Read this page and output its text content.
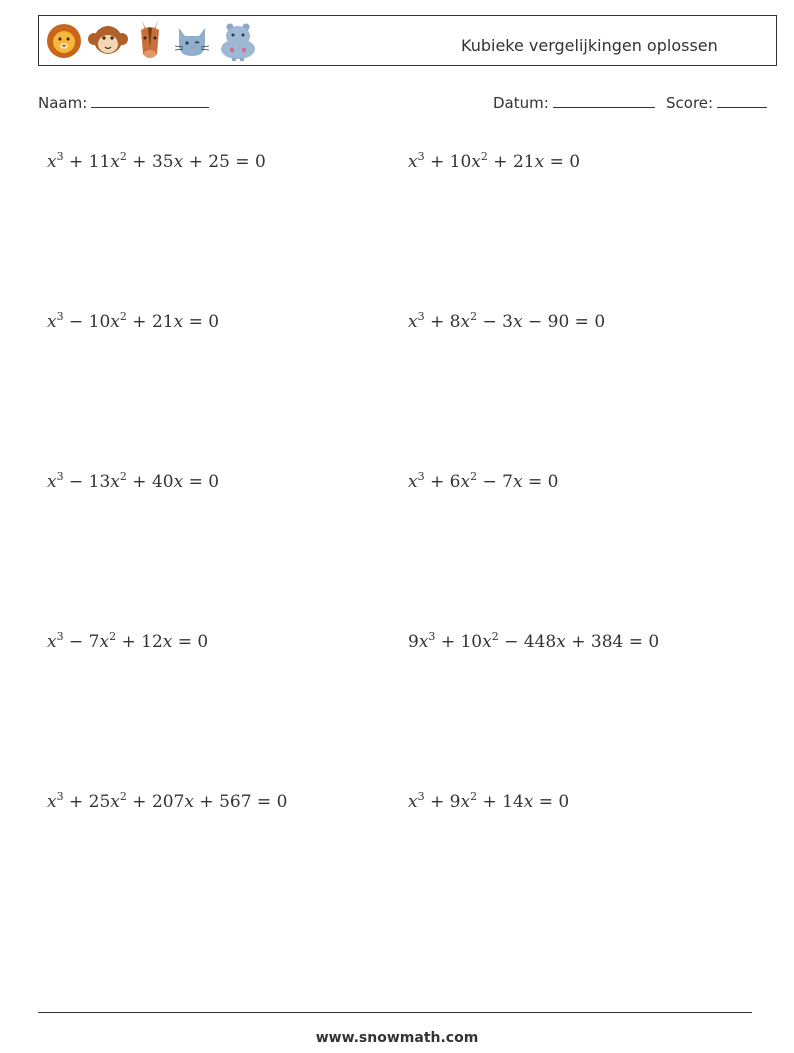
Kubieke vergelijkingen oplossen
Naam:	Datum:	Score:
$x^3 + 11x^2 + 35x + 25 = 0$	$x^3 + 10x^2 + 21x = 0$
$x^3 - 10x^2 + 21x = 0$	$x^3 + 8x^2 - 3x - 90 = 0$
$x^3 - 13x^2 + 40x = 0$	$x^3 + 6x^2 - 7x = 0$
$x^3 - 7x^2 + 12x = 0$	$9x^3 + 10x^2 - 448x + 384 = 0$
$x^3 + 25x^2 + 207x + 567 = 0$	$x^3 + 9x^2 + 14x = 0$
www.snowmath.com
